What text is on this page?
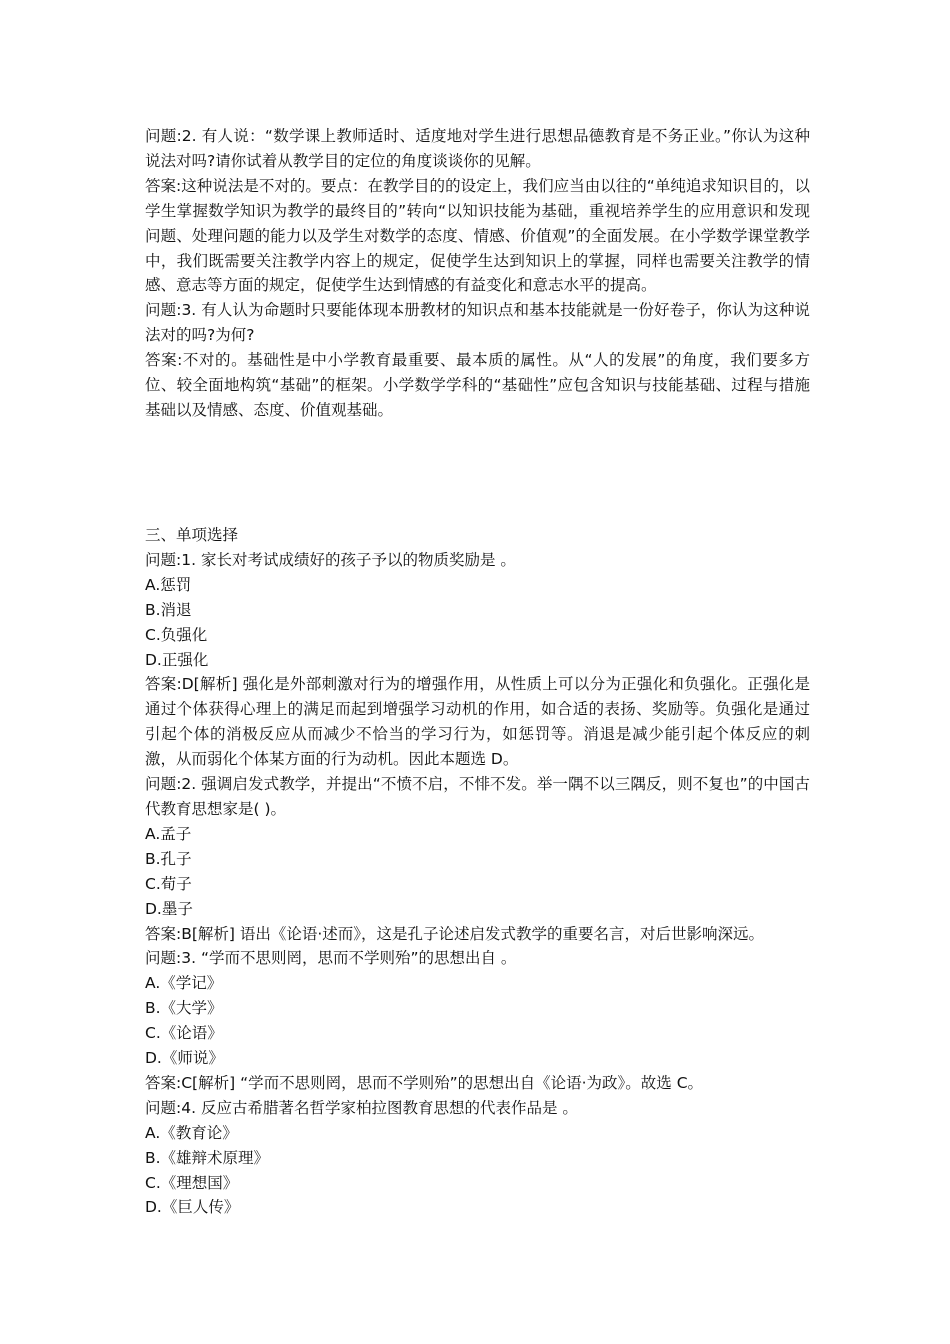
问题:2. 有人说：“数学课上教师适时、适度地对学生进行思想品德教育是不务正业。”你认为这种说法对吗?请你试着从教学目的定位的角度谈谈你的见解。

答案:这种说法是不对的。要点：在教学目的的设定上，我们应当由以往的“单纯追求知识目的，以学生掌握数学知识为教学的最终目的”转向“以知识技能为基础，重视培养学生的应用意识和发现问题、处理问题的能力以及学生对数学的态度、情感、价值观”的全面发展。在小学数学课堂教学中，我们既需要关注教学内容上的规定，促使学生达到知识上的掌握，同样也需要关注教学的情感、意志等方面的规定，促使学生达到情感的有益变化和意志水平的提高。

问题:3. 有人认为命题时只要能体现本册教材的知识点和基本技能就是一份好卷子，你认为这种说法对的吗?为何?

答案:不对的。基础性是中小学教育最重要、最本质的属性。从“人的发展”的角度，我们要多方位、较全面地构筑“基础”的框架。小学数学学科的“基础性”应包含知识与技能基础、过程与措施基础以及情感、态度、价值观基础。

三、单项选择

问题:1. 家长对考试成绩好的孩子予以的物质奖励是 。

A.惩罚

B.消退

C.负强化

D.正强化

答案:D[解析] 强化是外部刺激对行为的增强作用，从性质上可以分为正强化和负强化。正强化是通过个体获得心理上的满足而起到增强学习动机的作用，如合适的表扬、奖励等。负强化是通过引起个体的消极反应从而减少不恰当的学习行为，如惩罚等。消退是减少能引起个体反应的刺激，从而弱化个体某方面的行为动机。因此本题选 D。

问题:2. 强调启发式教学，并提出“不愤不启，不悱不发。举一隅不以三隅反，则不复也”的中国古代教育思想家是( )。

A.孟子

B.孔子

C.荀子

D.墨子

答案:B[解析] 语出《论语·述而》，这是孔子论述启发式教学的重要名言，对后世影响深远。

问题:3. “学而不思则罔，思而不学则殆”的思想出自 。

A.《学记》

B.《大学》

C.《论语》

D.《师说》

答案:C[解析] “学而不思则罔，思而不学则殆”的思想出自《论语·为政》。故选 C。

问题:4. 反应古希腊著名哲学家柏拉图教育思想的代表作品是 。

A.《教育论》

B.《雄辩术原理》

C.《理想国》

D.《巨人传》
